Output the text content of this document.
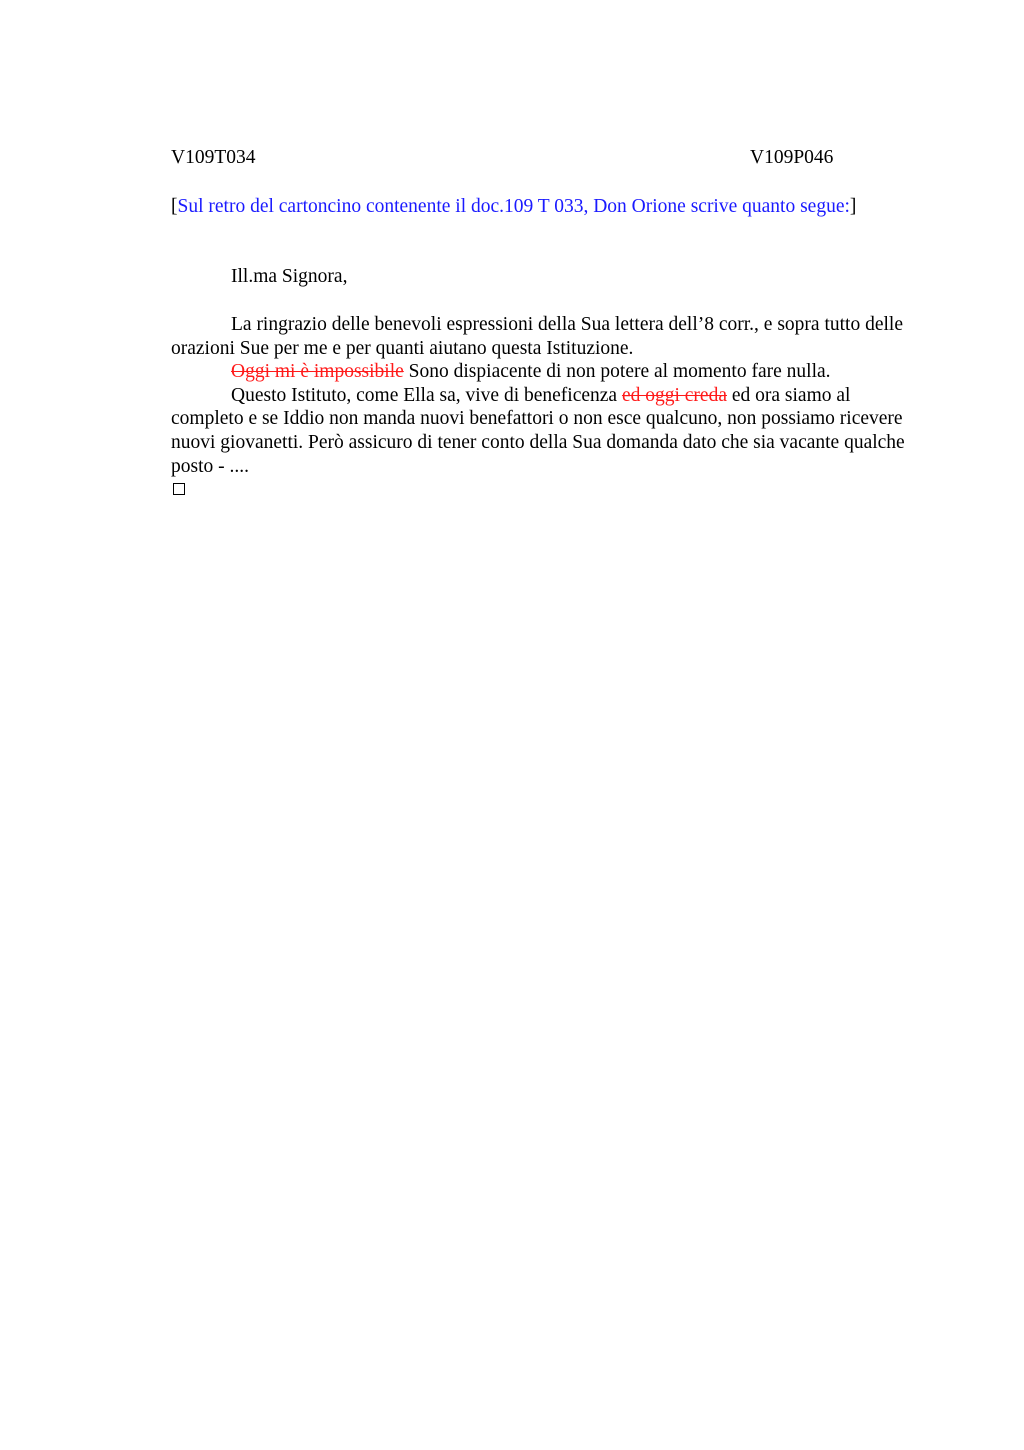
V109T034	V109P046
[Sul retro del cartoncino contenente il doc.109 T 033, Don Orione scrive quanto segue:]
Ill.ma Signora,

La ringrazio delle benevoli espressioni della Sua lettera dell’8 corr., e sopra tutto delle orazioni Sue per me e per quanti aiutano questa Istituzione.

Oggi mi è impossibile Sono dispiacente di non potere al momento fare nulla.

Questo Istituto, come Ella sa, vive di beneficenza ed oggi creda ed ora siamo al completo e se Iddio non manda nuovi benefattori o non esce qualcuno, non possiamo ricevere nuovi giovanetti. Però assicuro di tener conto della Sua domanda dato che sia vacante qualche posto - ....
